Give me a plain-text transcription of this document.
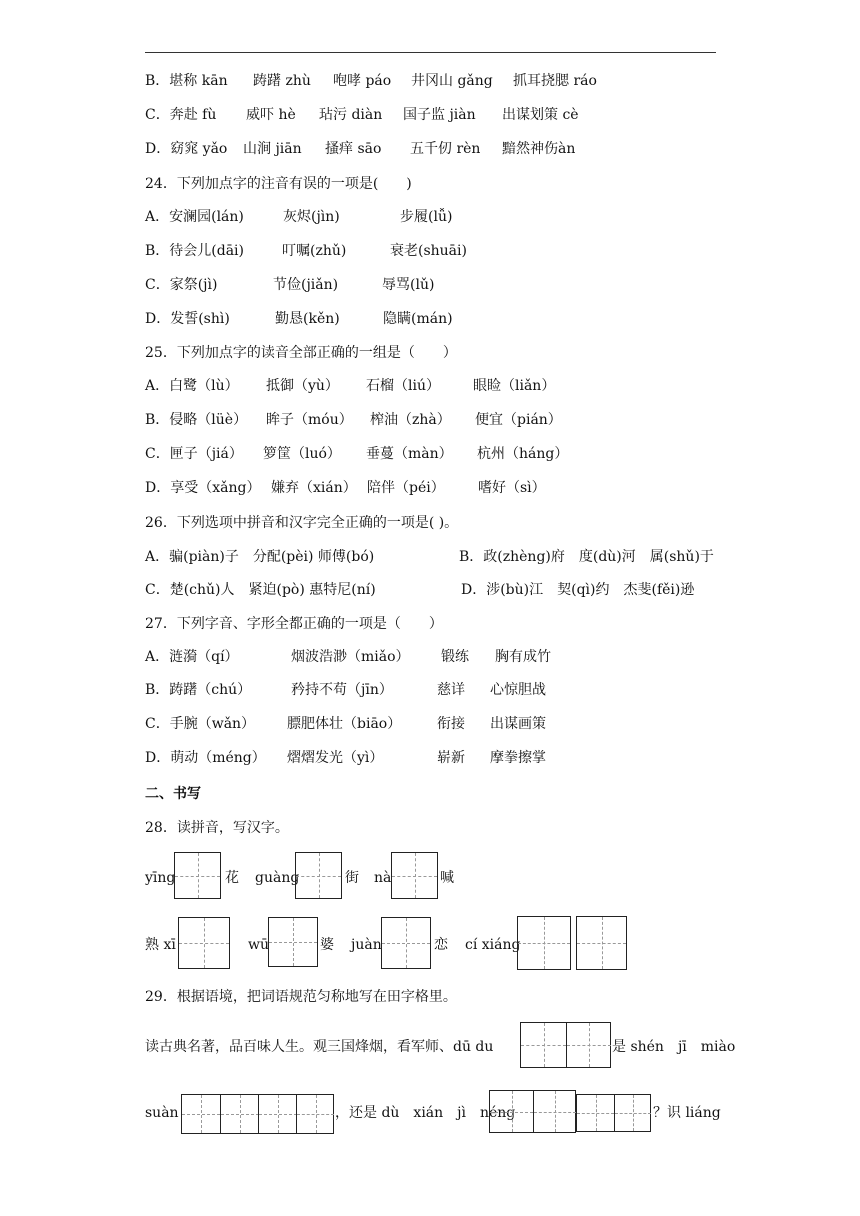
B．堪称 kān 踌躇 zhù 咆哮 páo 井冈山 gǎng 抓耳挠腮 ráo
C．奔赴 fù 威吓 hè 玷污 diàn 国子监 jiàn 出谋划策 cè
D．窈窕 yǎo 山涧 jiān 搔痒 sāo 五千仞 rèn 黯然神伤àn
24．下列加点字的注音有误的一项是(　　)
A．安澜园(lán)	灰烬(jìn)	步履(lǚ)
B．待会儿(dāi)	叮嘱(zhǔ)	衰老(shuāi)
C．家祭(jì)	节俭(jiǎn)	辱骂(lǔ)
D．发誓(shì)	勤恳(kěn)	隐瞒(mán)
25．下列加点字的读音全部正确的一组是（　　）
A．白鹭（lù） 抵御（yù） 石榴（liú） 眼睑（liǎn）
B．侵略（lüè） 眸子（móu） 榨油（zhà） 便宜（pián）
C．匣子（jiá） 箩筐（luó） 垂蔓（màn） 杭州（háng）
D．享受（xǎng） 嫌弃（xián） 陪伴（péi） 嗜好（sì）
26．下列选项中拼音和汉字完全正确的一项是( )。
A．骗(piàn)子　分配(pèi) 师傅(bó)	B．政(zhèng)府　度(dù)河　属(shǔ)于
C．楚(chǔ)人　紧迫(pò) 惠特尼(ní)	D．涉(bù)江　契(qì)约　杰斐(fěi)逊
27．下列字音、字形全都正确的一项是（　　）
A．涟漪（qí）	烟波浩渺（miǎo） 锻练 胸有成竹
B．踌躇（chú）	矜持不苟（jīn）	慈详 心惊胆战
C．手腕（wǎn） 膘肥体壮（biāo）	衔接 出谋画策
D．萌动（méng） 熠熠发光（yì）	崭新 摩拳擦掌
二、书写
28．读拼音，写汉字。
yīng	花 guàng	街 nà	喊
熟 xī	wū	婆 juàn	恋 cí xiáng
29．根据语境，把词语规范匀称地写在田字格里。
读古典名著，品百味人生。观三国烽烟，看军师、dū du	是 shén　jī　miào
suàn	，还是 dù　xián　jì　néng	？识 liáng
